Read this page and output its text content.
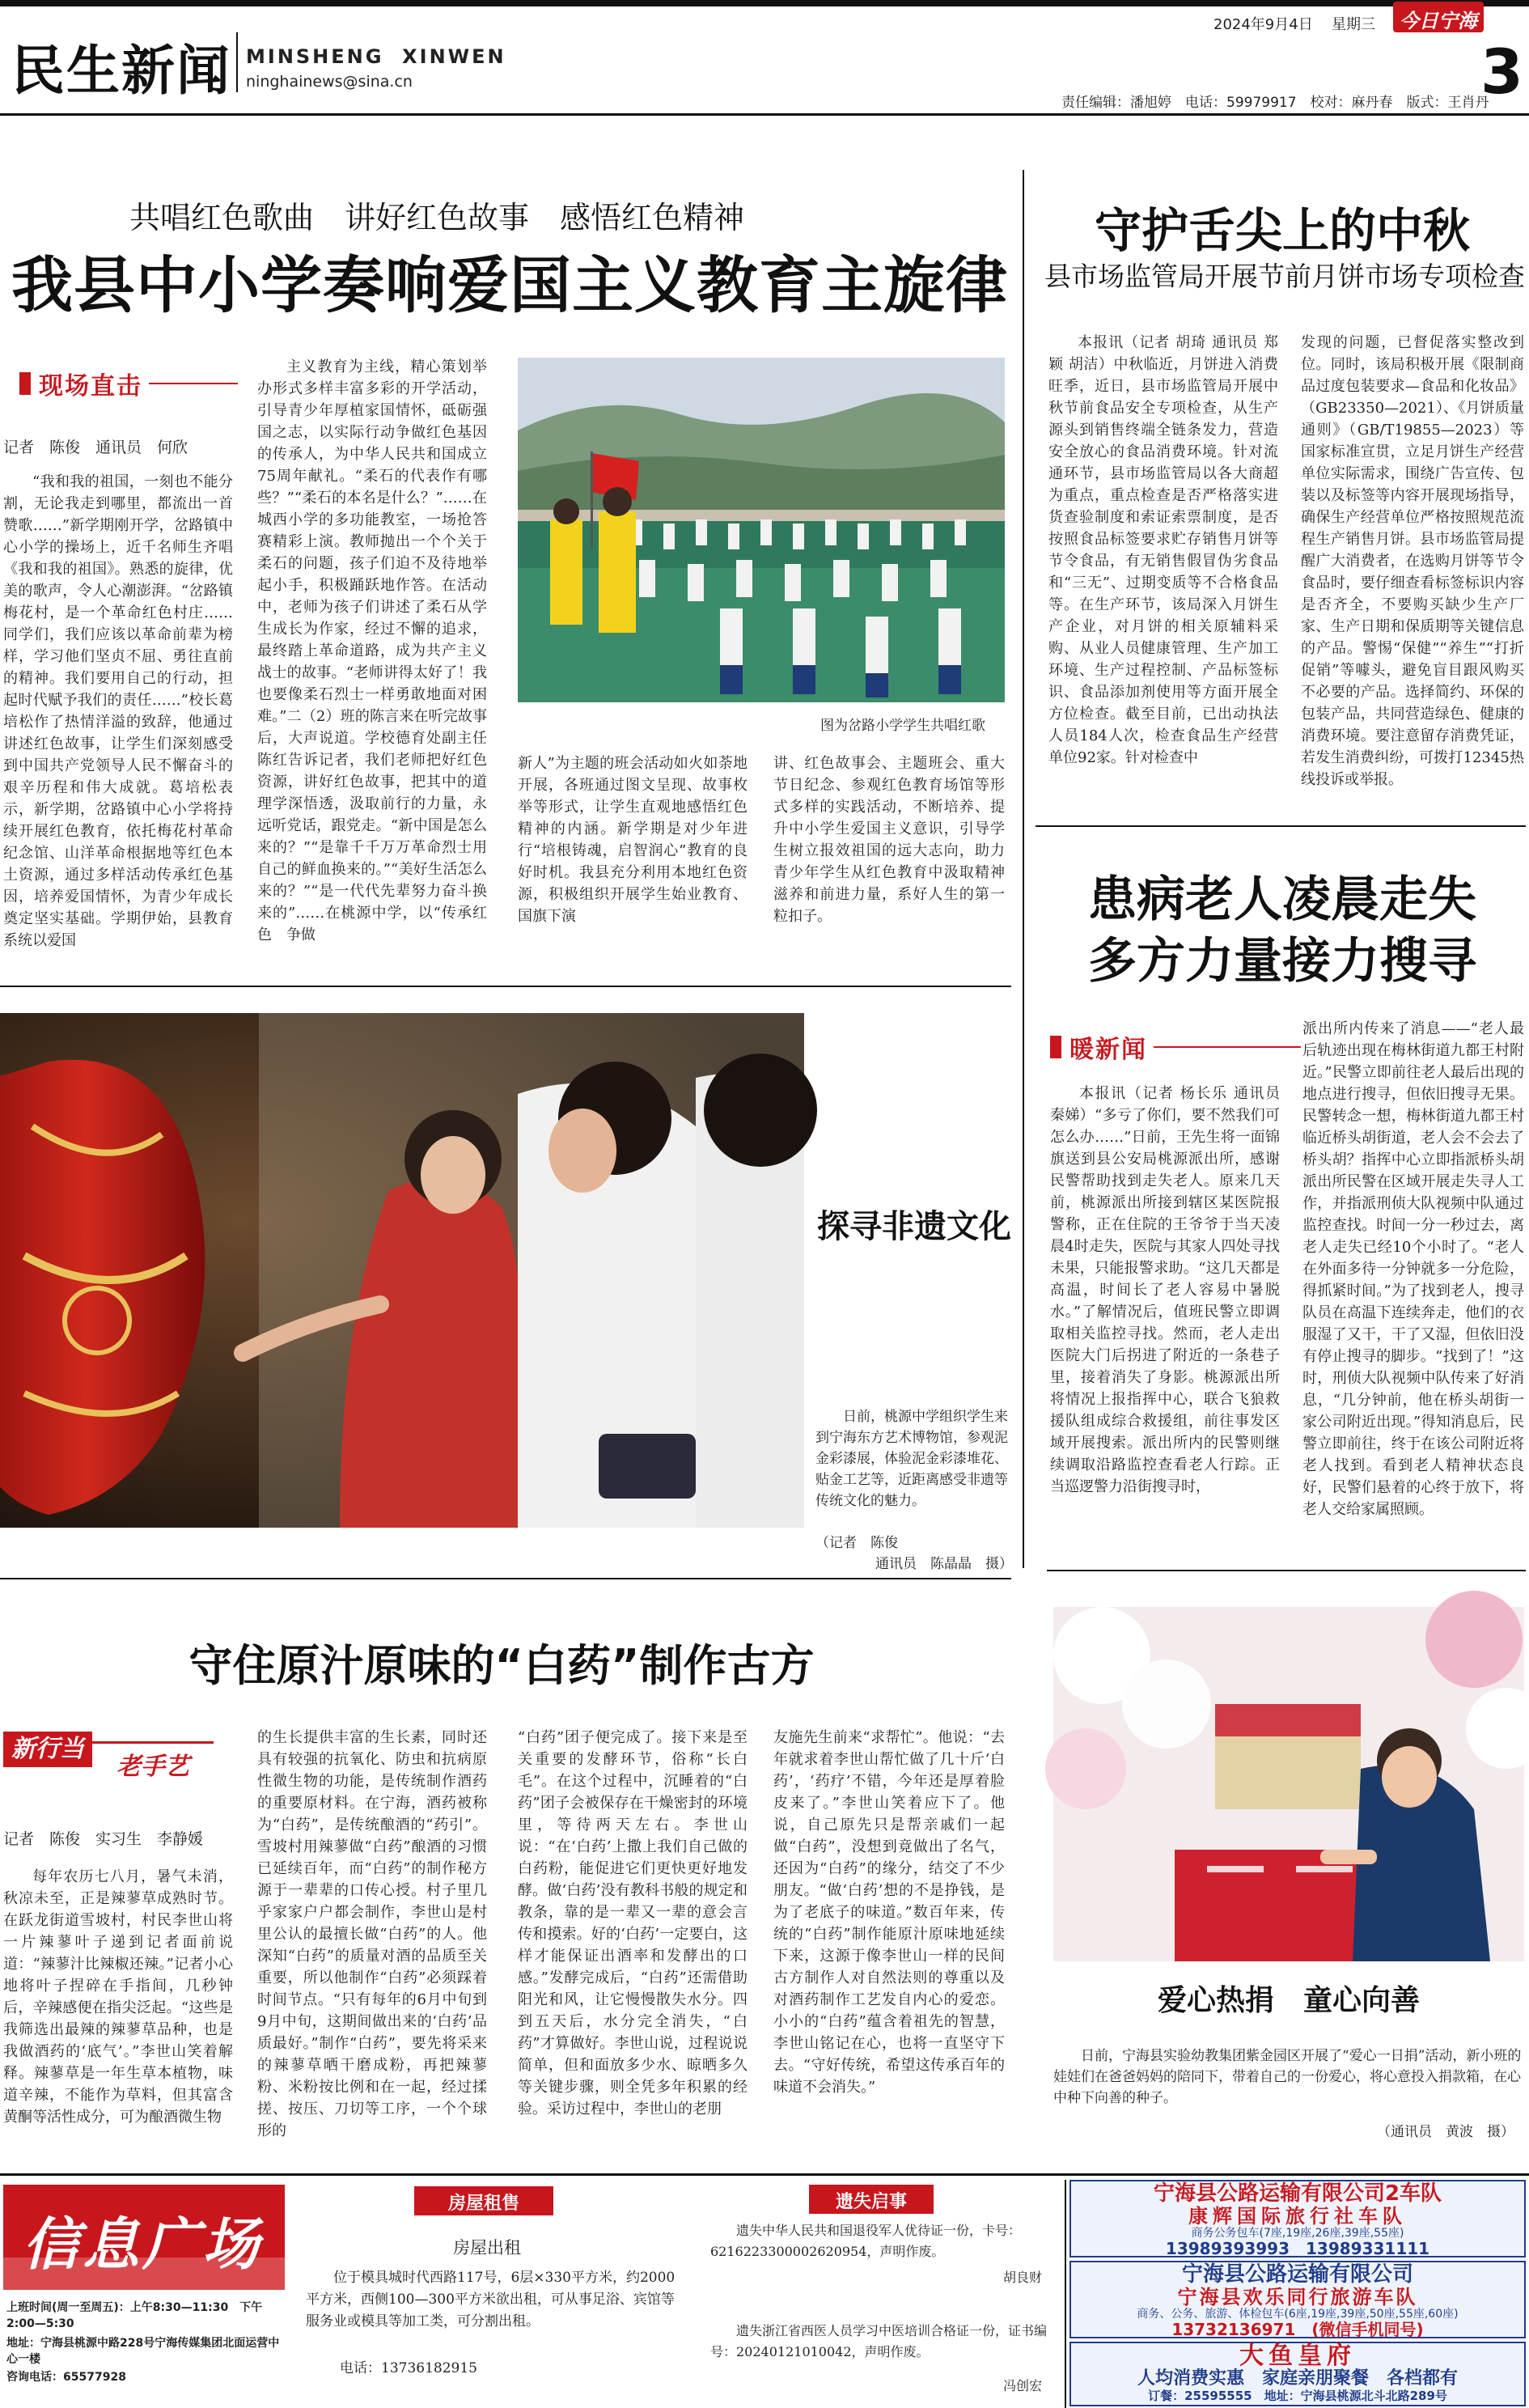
民生新闻 MINSHENG  XINWEN
ninghainews@sina.cn
2024年9月4日 星期三 今日宁海
3
责任编辑：潘旭婷　电话：59979917　校对：麻丹春　版式：王肖丹
共唱红色歌曲　讲好红色故事　感悟红色精神
我县中小学奏响爱国主义教育主旋律
现场直击
记者　陈俊　通讯员　何欣

“我和我的祖国，一刻也不能分割，无论我走到哪里，都流出一首赞歌……”新学期刚开学，岔路镇中心小学的操场上，近千名师生齐唱《我和我的祖国》。熟悉的旋律，优美的歌声，令人心潮澎湃。“岔路镇梅花村，是一个革命红色村庄……同学们，我们应该以革命前辈为榜样，学习他们坚贞不屈、勇往直前的精神。我们要用自己的行动，担起时代赋予我们的责任……”校长葛培松作了热情洋溢的致辞，他通过讲述红色故事，让学生们深刻感受到中国共产党领导人民不懈奋斗的艰辛历程和伟大成就。葛培松表示，新学期，岔路镇中心小学将持续开展红色教育，依托梅花村革命纪念馆、山洋革命根据地等红色本土资源，通过多样活动传承红色基因，培养爱国情怀，为青少年成长奠定坚实基础。学期伊始，县教育系统以爱国

主义教育为主线，精心策划举办形式多样丰富多彩的开学活动，引导青少年厚植家国情怀，砥砺强国之志，以实际行动争做红色基因的传承人，为中华人民共和国成立75周年献礼。“柔石的代表作有哪些？”“柔石的本名是什么？”……在城西小学的多功能教室，一场抢答赛精彩上演。教师抛出一个个关于柔石的问题，孩子们迫不及待地举起小手，积极踊跃地作答。在活动中，老师为孩子们讲述了柔石从学生成长为作家，经过不懈的追求，最终踏上革命道路，成为共产主义战士的故事。“老师讲得太好了！我也要像柔石烈士一样勇敢地面对困难。”二（2）班的陈言来在听完故事后，大声说道。学校德育处副主任陈红告诉记者，我们老师把好红色资源，讲好红色故事，把其中的道理学深悟透，汲取前行的力量，永远听党话，跟党走。“新中国是怎么来的？”“是靠千千万万革命烈士用自己的鲜血换来的。”“美好生活怎么来的？”“是一代代先辈努力奋斗换来的”……在桃源中学，以“传承红色　争做

图为岔路小学学生共唱红歌

新人”为主题的班会活动如火如荼地开展，各班通过图文呈现、故事枚举等形式，让学生直观地感悟红色精神的内涵。新学期是对少年进行“培根铸魂，启智润心”教育的良好时机。我县充分利用本地红色资源，积极组织开展学生始业教育、国旗下演

讲、红色故事会、主题班会、重大节日纪念、参观红色教育场馆等形式多样的实践活动，不断培养、提升中小学生爱国主义意识，引导学生树立报效祖国的远大志向，助力青少年学生从红色教育中汲取精神滋养和前进力量，系好人生的第一粒扣子。

守护舌尖上的中秋
县市场监管局开展节前月饼市场专项检查

本报讯（记者 胡琦 通讯员 郑颖 胡洁）中秋临近，月饼进入消费旺季，近日，县市场监管局开展中秋节前食品安全专项检查，从生产源头到销售终端全链条发力，营造安全放心的食品消费环境。针对流通环节，县市场监管局以各大商超为重点，重点检查是否严格落实进货查验制度和索证索票制度，是否按照食品标签要求贮存销售月饼等节令食品，有无销售假冒伪劣食品和“三无”、过期变质等不合格食品等。在生产环节，该局深入月饼生产企业，对月饼的相关原辅料采购、从业人员健康管理、生产加工环境、生产过程控制、产品标签标识、食品添加剂使用等方面开展全方位检查。截至目前，已出动执法人员184人次，检查食品生产经营单位92家。针对检查中

发现的问题，已督促落实整改到位。同时，该局积极开展《限制商品过度包装要求—食品和化妆品》（GB23350—2021）、《月饼质量通则》（GB/T19855—2023）等国家标准宣贯，立足月饼生产经营单位实际需求，围绕广告宣传、包装以及标签等内容开展现场指导，确保生产经营单位严格按照规范流程生产销售月饼。县市场监管局提醒广大消费者，在选购月饼等节令食品时，要仔细查看标签标识内容是否齐全，不要购买缺少生产厂家、生产日期和保质期等关键信息的产品。警惕“保健”“养生”“打折促销”等噱头，避免盲目跟风购买不必要的产品。选择简约、环保的包装产品，共同营造绿色、健康的消费环境。要注意留存消费凭证，若发生消费纠纷，可拨打12345热线投诉或举报。

探寻非遗文化
日前，桃源中学组织学生来到宁海东方艺术博物馆，参观泥金彩漆展，体验泥金彩漆堆花、贴金工艺等，近距离感受非遗等传统文化的魅力。
（记者　陈俊
通讯员　陈晶晶　摄）
患病老人凌晨走失
多方力量接力搜寻
暖新闻

本报讯（记者 杨长乐 通讯员 秦娣）“多亏了你们，要不然我们可怎么办……”日前，王先生将一面锦旗送到县公安局桃源派出所，感谢民警帮助找到走失老人。原来几天前，桃源派出所接到辖区某医院报警称，正在住院的王爷爷于当天凌晨4时走失，医院与其家人四处寻找未果，只能报警求助。“这几天都是高温，时间长了老人容易中暑脱水。”了解情况后，值班民警立即调取相关监控寻找。然而，老人走出医院大门后拐进了附近的一条巷子里，接着消失了身影。桃源派出所将情况上报指挥中心，联合飞狼救援队组成综合救援组，前往事发区域开展搜索。派出所内的民警则继续调取沿路监控查看老人行踪。正当巡逻警力沿街搜寻时，

派出所内传来了消息——“老人最后轨迹出现在梅林街道九都王村附近。”民警立即前往老人最后出现的地点进行搜寻，但依旧搜寻无果。民警转念一想，梅林街道九都王村临近桥头胡街道，老人会不会去了桥头胡？指挥中心立即指派桥头胡派出所民警在区域开展走失寻人工作，并指派刑侦大队视频中队通过监控查找。时间一分一秒过去，离老人走失已经10个小时了。“老人在外面多待一分钟就多一分危险，得抓紧时间。”为了找到老人，搜寻队员在高温下连续奔走，他们的衣服湿了又干，干了又湿，但依旧没有停止搜寻的脚步。“找到了！”这时，刑侦大队视频中队传来了好消息，“几分钟前，他在桥头胡街一家公司附近出现。”得知消息后，民警立即前往，终于在该公司附近将老人找到。看到老人精神状态良好，民警们悬着的心终于放下，将老人交给家属照顾。

守住原汁原味的“白药”制作古方
新行当
老手艺
记者　陈俊　实习生　李静媛

每年农历七八月，暑气未消，秋凉未至，正是辣蓼草成熟时节。在跃龙街道雪坡村，村民李世山将一片辣蓼叶子递到记者面前说道：“辣蓼汁比辣椒还辣。”记者小心地将叶子捏碎在手指间，几秒钟后，辛辣感便在指尖泛起。“这些是我筛选出最辣的辣蓼草品种，也是我做酒药的‘底气’。”李世山笑着解释。辣蓼草是一年生草本植物，味道辛辣，不能作为草料，但其富含黄酮等活性成分，可为酿酒微生物

的生长提供丰富的生长素，同时还具有较强的抗氧化、防虫和抗病原性微生物的功能，是传统制作酒药的重要原材料。在宁海，酒药被称为“白药”，是传统酿酒的“药引”。雪坡村用辣蓼做“白药”酿酒的习惯已延续百年，而“白药”的制作秘方源于一辈辈的口传心授。村子里几乎家家户户都会制作，李世山是村里公认的最擅长做“白药”的人。他深知“白药”的质量对酒的品质至关重要，所以他制作“白药”必须踩着时间节点。“只有每年的6月中旬到9月中旬，这期间做出来的‘白药’品质最好。”制作“白药”，要先将采来的辣蓼草晒干磨成粉，再把辣蓼粉、米粉按比例和在一起，经过揉搓、按压、刀切等工序，一个个球形的

“白药”团子便完成了。接下来是至关重要的发酵环节，俗称“长白毛”。在这个过程中，沉睡着的“白药”团子会被保存在干燥密封的环境里，等待两天左右。李世山说：“在‘白药’上撒上我们自己做的白药粉，能促进它们更快更好地发酵。做‘白药’没有教科书般的规定和教条，靠的是一辈又一辈的意会言传和摸索。好的‘白药’一定要白，这样才能保证出酒率和发酵出的口感。”发酵完成后，“白药”还需借助阳光和风，让它慢慢散失水分。四到五天后，水分完全消失，“白药”才算做好。李世山说，过程说说简单，但和面放多少水、晾晒多久等关键步骤，则全凭多年积累的经验。采访过程中，李世山的老朋

友施先生前来“求帮忙”。他说：“去年就求着李世山帮忙做了几十斤‘白药’，‘药疗’不错，今年还是厚着脸皮来了。”李世山笑着应下了。他说，自己原先只是帮亲戚们一起做“白药”，没想到竟做出了名气，还因为“白药”的缘分，结交了不少朋友。“做‘白药’想的不是挣钱，是为了老底子的味道。”数百年来，传统的“白药”制作能原汁原味地延续下来，这源于像李世山一样的民间古方制作人对自然法则的尊重以及对酒药制作工艺发自内心的爱恋。小小的“白药”蕴含着祖先的智慧，李世山铭记在心，也将一直坚守下去。“守好传统，希望这传承百年的味道不会消失。”

爱心热捐　童心向善
日前，宁海县实验幼教集团紫金园区开展了“爱心一日捐”活动，新小班的娃娃们在爸爸妈妈的陪同下，带着自己的一份爱心，将心意投入捐款箱，在心中种下向善的种子。
（通讯员　黄波　摄）
信息广场
上班时间(周一至周五)：上午8:30—11:30　下午2:00—5:30
地址：宁海县桃源中路228号宁海传媒集团北面运营中心一楼
咨询电话：65577928
房屋租售
房屋出租
位于模具城时代西路117号，6层×330平方米，约2000平方米，西侧100—300平方米欲出租，可从事足浴、宾馆等服务业或模具等加工类，可分割出租。
电话：13736182915
遗失启事
遗失中华人民共和国退役军人优待证一份，卡号：6216223300002620954，声明作废。
胡良财
遗失浙江省西医人员学习中医培训合格证一份，证书编号：20240121010042，声明作废。
冯创宏
宁海县公路运输有限公司2车队
康辉国际旅行社车队
商务公务包车(7座,19座,26座,39座,55座)
13989393993　13989331111
宁海县公路运输有限公司
宁海县欢乐同行旅游车队
商务、公务、旅游、体检包车(6座,19座,39座,50座,55座,60座)
13732136971　(微信手机同号)
大鱼皇府
人均消费实惠　家庭亲朋聚餐　各档都有
订餐：25595555　地址：宁海县桃源北斗北路289号
